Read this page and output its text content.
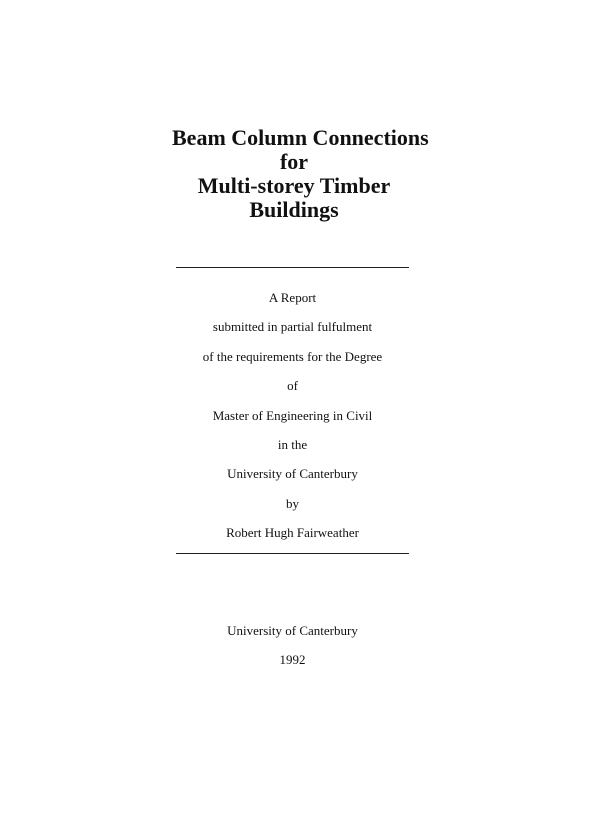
Beam Column Connections
for
Multi-storey Timber
Buildings
A Report
submitted in partial fulfulment
of the requirements for the Degree
of
Master of Engineering in Civil
in the
University of Canterbury
by
Robert Hugh Fairweather
University of Canterbury
1992
